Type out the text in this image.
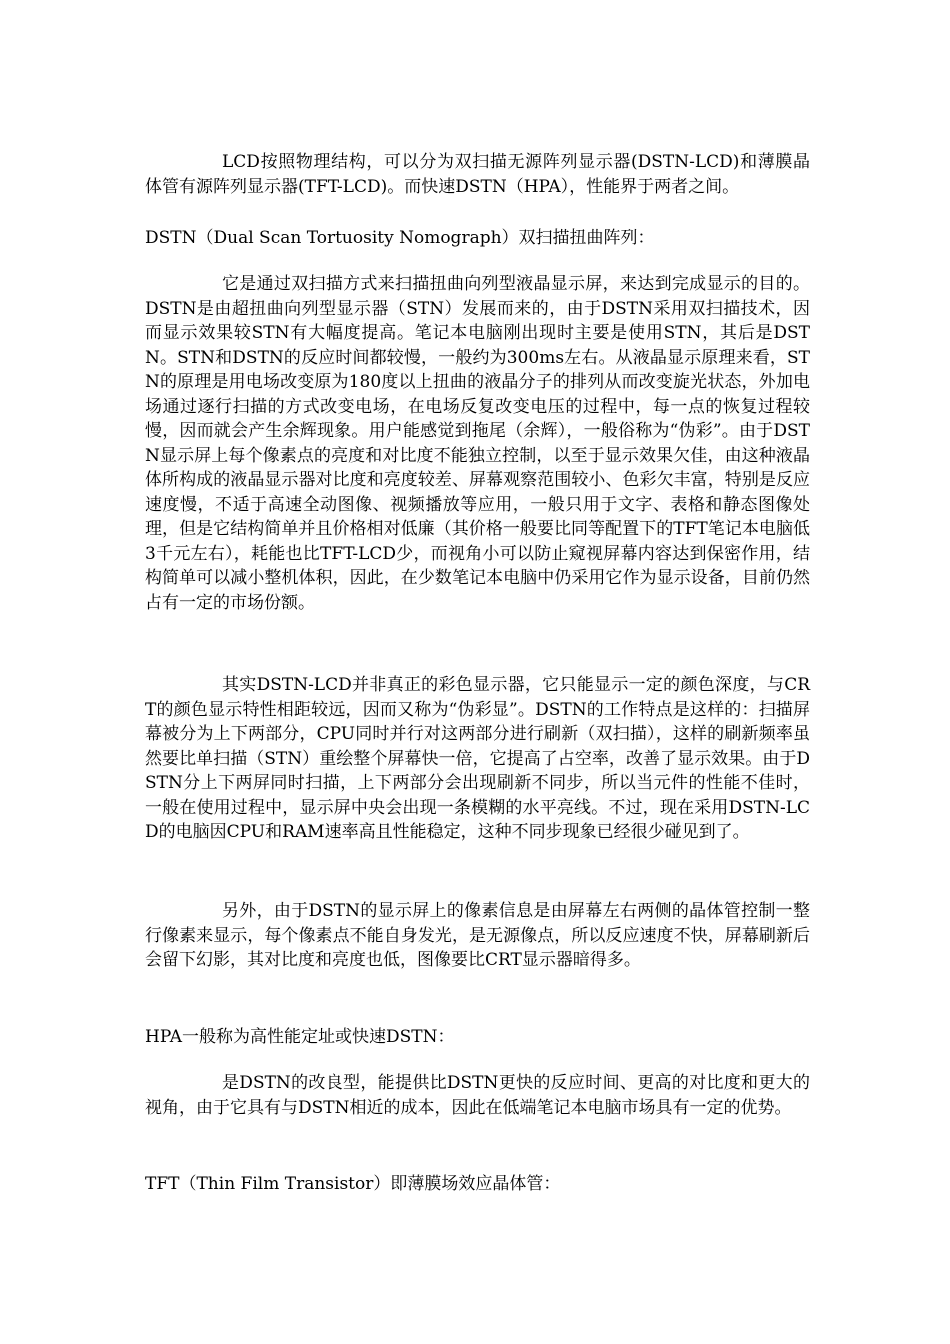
LCD按照物理结构，可以分为双扫描无源阵列显示器(DSTN-LCD)和薄膜晶体管有源阵列显示器(TFT-LCD)。而快速DSTN（HPA），性能界于两者之间。

DSTN（Dual Scan Tortuosity Nomograph）双扫描扭曲阵列：

它是通过双扫描方式来扫描扭曲向列型液晶显示屏，来达到完成显示的目的。DSTN是由超扭曲向列型显示器（STN）发展而来的，由于DSTN采用双扫描技术，因而显示效果较STN有大幅度提高。笔记本电脑刚出现时主要是使用STN，其后是DSTN。STN和DSTN的反应时间都较慢，一般约为300ms左右。从液晶显示原理来看，STN的原理是用电场改变原为180度以上扭曲的液晶分子的排列从而改变旋光状态，外加电场通过逐行扫描的方式改变电场，在电场反复改变电压的过程中，每一点的恢复过程较慢，因而就会产生余辉现象。用户能感觉到拖尾（余辉），一般俗称为“伪彩”。由于DSTN显示屏上每个像素点的亮度和对比度不能独立控制，以至于显示效果欠佳，由这种液晶体所构成的液晶显示器对比度和亮度较差、屏幕观察范围较小、色彩欠丰富，特别是反应速度慢，不适于高速全动图像、视频播放等应用，一般只用于文字、表格和静态图像处理，但是它结构简单并且价格相对低廉（其价格一般要比同等配置下的TFT笔记本电脑低3千元左右），耗能也比TFT-LCD少，而视角小可以防止窥视屏幕内容达到保密作用，结构简单可以减小整机体积，因此，在少数笔记本电脑中仍采用它作为显示设备，目前仍然占有一定的市场份额。

其实DSTN-LCD并非真正的彩色显示器，它只能显示一定的颜色深度，与CRT的颜色显示特性相距较远，因而又称为“伪彩显”。DSTN的工作特点是这样的：扫描屏幕被分为上下两部分，CPU同时并行对这两部分进行刷新（双扫描），这样的刷新频率虽然要比单扫描（STN）重绘整个屏幕快一倍，它提高了占空率，改善了显示效果。由于DSTN分上下两屏同时扫描，上下两部分会出现刷新不同步，所以当元件的性能不佳时，一般在使用过程中，显示屏中央会出现一条模糊的水平亮线。不过，现在采用DSTN-LCD的电脑因CPU和RAM速率高且性能稳定，这种不同步现象已经很少碰见到了。

另外，由于DSTN的显示屏上的像素信息是由屏幕左右两侧的晶体管控制一整行像素来显示，每个像素点不能自身发光，是无源像点，所以反应速度不快，屏幕刷新后会留下幻影，其对比度和亮度也低，图像要比CRT显示器暗得多。

HPA一般称为高性能定址或快速DSTN：

是DSTN的改良型，能提供比DSTN更快的反应时间、更高的对比度和更大的视角，由于它具有与DSTN相近的成本，因此在低端笔记本电脑市场具有一定的优势。

TFT（Thin Film Transistor）即薄膜场效应晶体管：
